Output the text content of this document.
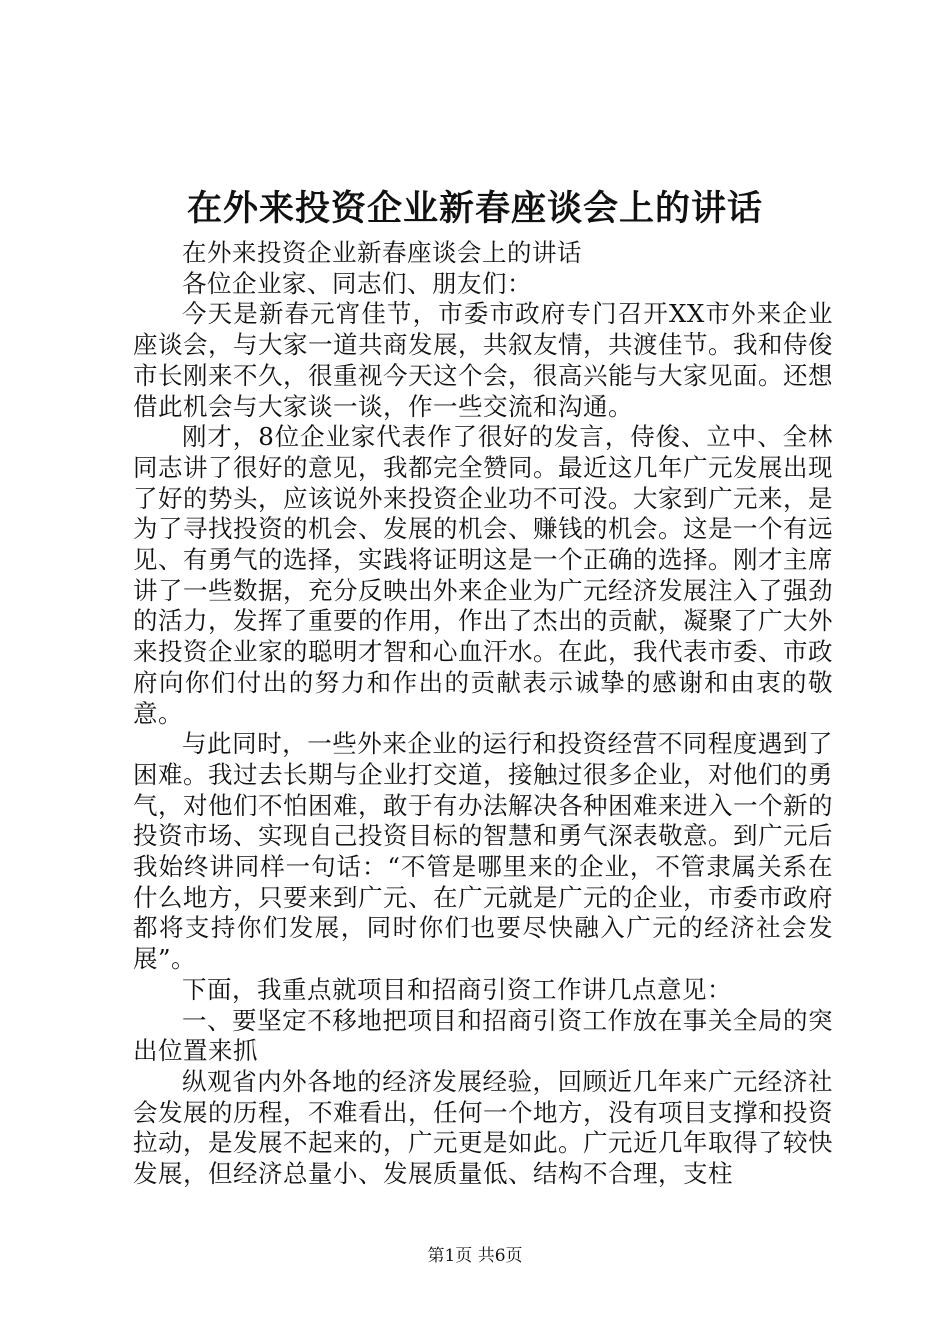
在外来投资企业新春座谈会上的讲话

在外来投资企业新春座谈会上的讲话

各位企业家、同志们、朋友们：

今天是新春元宵佳节，市委市政府专门召开XX市外来企业座谈会，与大家一道共商发展，共叙友情，共渡佳节。我和侍俊市长刚来不久，很重视今天这个会，很高兴能与大家见面。还想借此机会与大家谈一谈，作一些交流和沟通。

刚才，8位企业家代表作了很好的发言，侍俊、立中、全林同志讲了很好的意见，我都完全赞同。最近这几年广元发展出现了好的势头，应该说外来投资企业功不可没。大家到广元来，是为了寻找投资的机会、发展的机会、赚钱的机会。这是一个有远见、有勇气的选择，实践将证明这是一个正确的选择。刚才主席讲了一些数据，充分反映出外来企业为广元经济发展注入了强劲的活力，发挥了重要的作用，作出了杰出的贡献，凝聚了广大外来投资企业家的聪明才智和心血汗水。在此，我代表市委、市政府向你们付出的努力和作出的贡献表示诚挚的感谢和由衷的敬意。

与此同时，一些外来企业的运行和投资经营不同程度遇到了困难。我过去长期与企业打交道，接触过很多企业，对他们的勇气，对他们不怕困难，敢于有办法解决各种困难来进入一个新的投资市场、实现自己投资目标的智慧和勇气深表敬意。到广元后我始终讲同样一句话：“不管是哪里来的企业，不管隶属关系在什么地方，只要来到广元、在广元就是广元的企业，市委市政府都将支持你们发展，同时你们也要尽快融入广元的经济社会发展”。

下面，我重点就项目和招商引资工作讲几点意见：

一、要坚定不移地把项目和招商引资工作放在事关全局的突出位置来抓

纵观省内外各地的经济发展经验，回顾近几年来广元经济社会发展的历程，不难看出，任何一个地方，没有项目支撑和投资拉动，是发展不起来的，广元更是如此。广元近几年取得了较快发展，但经济总量小、发展质量低、结构不合理，支柱

第1页 共6页
